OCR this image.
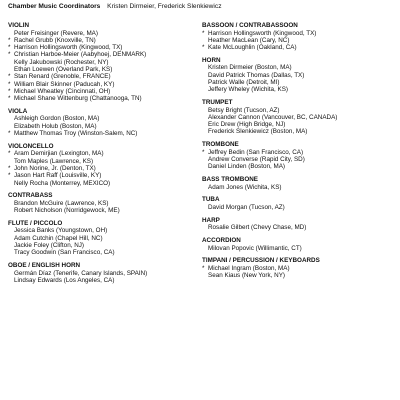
Chamber Music Coordinators Kristen Dirmeier, Frederick Slenkiewicz
VIOLIN
Peter Freisinger (Revere, MA)
* Rachel Grubb (Knoxville, TN)
* Harrison Hollingsworth (Kingwood, TX)
* Christian Harboe-Meier (Aabyhoej, DENMARK)
Kelly Jakubowski (Rochester, NY)
Ethan Loewen (Overland Park, KS)
* Stan Renard (Grenoble, FRANCE)
* William Blair Skinner (Paducah, KY)
* Michael Wheatley (Cincinnati, OH)
* Michael Shane Wittenburg (Chattanooga, TN)
VIOLA
Ashleigh Gordon (Boston, MA)
Elizabeth Holub (Boston, MA)
* Matthew Thomas Troy (Winston-Salem, NC)
VIOLONCELLO
* Aram Demirjian (Lexington, MA)
Tom Maples (Lawrence, KS)
* John Norine, Jr. (Denton, TX)
* Jason Hart Raff (Louisville, KY)
Nelly Rocha (Monterrey, MEXICO)
CONTRABASS
Brandon McGuire (Lawrence, KS)
Robert Nicholson (Norridgewock, ME)
FLUTE / PICCOLO
Jessica Banks (Youngstown, OH)
Adam Cutchin (Chapel Hill, NC)
Jackie Foley (Clifton, NJ)
Tracy Goodwin (San Francisco, CA)
OBOE / ENGLISH HORN
Germán Díaz (Tenerife, Canary Islands, SPAIN)
Lindsay Edwards (Los Angeles, CA)
BASSOON / CONTRABASSOON
* Harrison Hollingsworth (Kingwood, TX)
Heather MacLean (Cary, NC)
* Kate McLoughlin (Oakland, CA)
HORN
Kristen Dirmeier (Boston, MA)
David Patrick Thomas (Dallas, TX)
Patrick Walle (Detroit, MI)
Jeffery Wheley (Wichita, KS)
TRUMPET
Betsy Bright (Tucson, AZ)
Alexander Cannon (Vancouver, BC, CANADA)
Eric Drew (High Bridge, NJ)
Frederick Slenkiewicz (Boston, MA)
TROMBONE
* Jeffrey Bedin (San Francisco, CA)
Andrew Converse (Rapid City, SD)
Daniel Linden (Boston, MA)
BASS TROMBONE
Adam Jones (Wichita, KS)
TUBA
David Morgan (Tucson, AZ)
HARP
Rosalie Gilbert (Chevy Chase, MD)
ACCORDION
Milovan Popovic (Willimantic, CT)
TIMPANI / PERCUSSION / KEYBOARDS
* Michael Ingram (Boston, MA)
Sean Kiaus (New York, NY)
